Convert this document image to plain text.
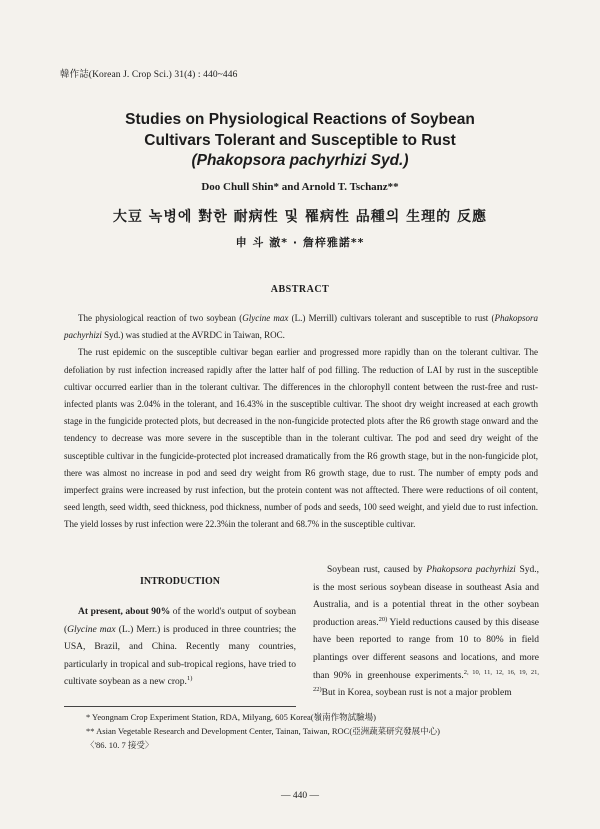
韓作誌(Korean J. Crop Sci.) 31(4) : 440~446
Studies on Physiological Reactions of Soybean
Cultivars Tolerant and Susceptible to Rust
(Phakopsora pachyrhizi Syd.)
Doo Chull Shin* and Arnold T. Tschanz**
大豆 녹병에 對한 耐病性 및 罹病性 品種의 生理的 反應
申 斗 澈* · 詹梓雅諾**
ABSTRACT

The physiological reaction of two soybean (Glycine max (L.) Merrill) cultivars tolerant and susceptible to rust (Phakopsora pachyrhizi Syd.) was studied at the AVRDC in Taiwan, ROC.

The rust epidemic on the susceptible cultivar began earlier and progressed more rapidly than on the tolerant cultivar. The defoliation by rust infection increased rapidly after the latter half of pod filling. The reduction of LAI by rust in the susceptible cultivar occurred earlier than in the tolerant cultivar. The differences in the chlorophyll content between the rust-free and rust-infected plants was 2.04% in the tolerant, and 16.43% in the susceptible cultivar. The shoot dry weight increased at each growth stage in the fungicide protected plots, but decreased in the non-fungicide protected plots after the R6 growth stage onward and the tendency to decrease was more severe in the susceptible than in the tolerant cultivar. The pod and seed dry weight of the susceptible cultivar in the fungicide-protected plot increased dramatically from the R6 growth stage, but in the non-fungicide plot, there was almost no increase in pod and seed dry weight from R6 growth stage, due to rust. The number of empty pods and imperfect grains were increased by rust infection, but the protein content was not afftected. There were reductions of oil content, seed length, seed width, seed thickness, pod thickness, number of pods and seeds, 100 seed weight, and yield due to rust infection. The yield losses by rust infection were 22.3%in the tolerant and 68.7% in the susceptible cultivar.

INTRODUCTION

At present, about 90% of the world's output of soybean (Glycine max (L.) Merr.) is produced in three countries; the USA, Brazil, and China. Recently many countries, particularly in tropical and sub-tropical regions, have tried to cultivate soybean as a new crop.$^{1)}$

Soybean rust, caused by Phakopsora pachyrhizi Syd., is the most serious soybean disease in southeast Asia and Australia, and is a potential threat in the other soybean production areas.$^{20)}$ Yield reductions caused by this disease have been reported to range from 10 to 80% in field plantings over different seasons and locations, and more than 90% in greenhouse experiments.$^{2, 10, 11, 12, 16, 19, 21, 22)}$But in Korea, soybean rust is not a major problem

* Yeongnam Crop Experiment Station, RDA, Milyang, 605 Korea(嶺南作物試驗場)
** Asian Vegetable Research and Development Center, Tainan, Taiwan, ROC(亞洲蔬菜研究發展中心)
〈'86. 10. 7 接受〉
— 440 —
